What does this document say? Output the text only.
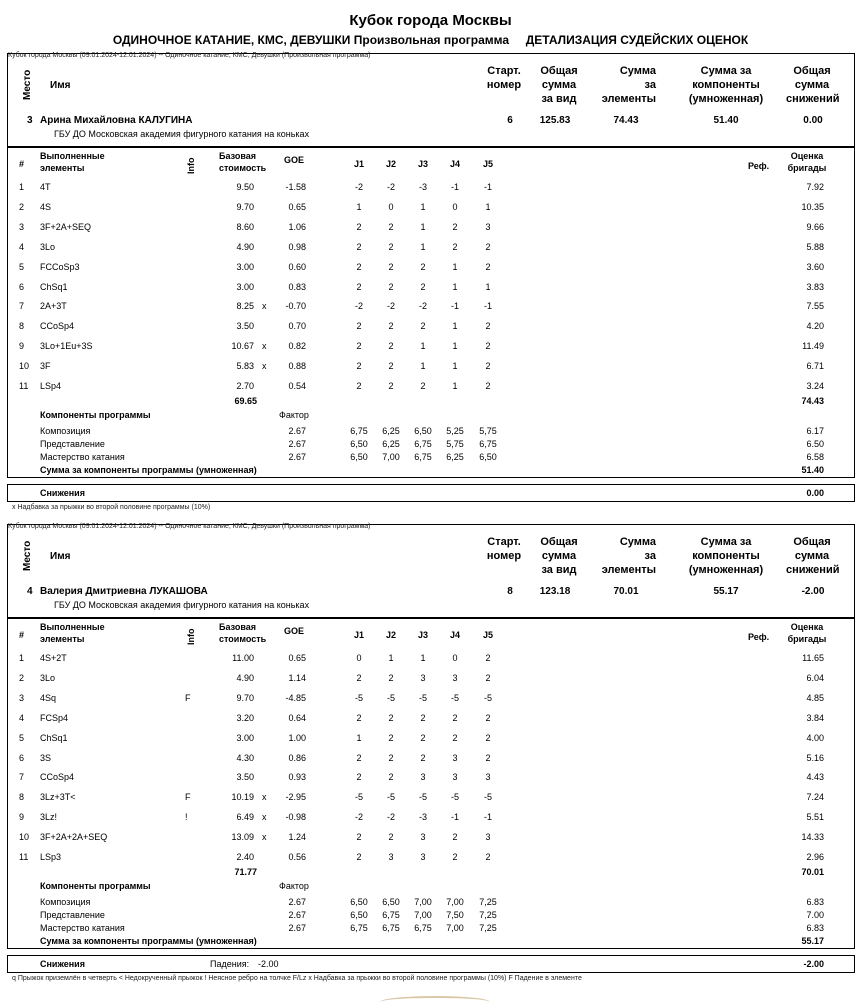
Кубок города Москвы
ОДИНОЧНОЕ КАТАНИЕ, КМС, ДЕВУШКИ Произвольная программа     ДЕТАЛИЗАЦИЯ СУДЕЙСКИХ ОЦЕНОК
Кубок города Москвы (09.01.2024-12.01.2024) -- Одиночное катание, КМС, Девушки (Произвольная программа)
Место Имя
Старт.
номер
Общая
сумма
за вид
Сумма
за
элементы
Сумма за
компоненты
(умноженная)
Общая
сумма
снижений
3 Арина Михайловна КАЛУГИНА
ГБУ ДО Московская академия фигурного катания на коньках
6	125.83	74.43	51.40	0.00
#
Выполненные
элементы	Info
Базовая
стоимость
GOE	J1	J2	J3	J4	J5	Реф.
Оценка
бригады
1 4T	9.50	-1.58	-2	-2	-3	-1	-1	7.92
2 4S	9.70	0.65	1	0	1	0	1	10.35
3 3F+2A+SEQ	8.60	1.06	2	2	1	2	3	9.66
4 3Lo	4.90	0.98	2	2	1	2	2	5.88
5 FCCoSp3	3.00	0.60	2	2	2	1	2	3.60
6 ChSq1	3.00	0.83	2	2	2	1	1	3.83
7 2A+3T	8.25 x	-0.70	-2	-2	-2	-1	-1	7.55
8 CCoSp4	3.50	0.70	2	2	2	1	2	4.20
9 3Lo+1Eu+3S	10.67 x	0.82	2	2	1	1	2	11.49
10 3F	5.83 x	0.88	2	2	1	1	2	6.71
11 LSp4	2.70	0.54	2	2	2	1	2	3.24
69.65	74.43
Компоненты программы	Фактор
Композиция	2.67	6,75	6,25	6,50	5,25	5,75	6.17
Представление	2.67	6,50	6,25	6,75	5,75	6,75	6.50
Мастерство катания	2.67	6,50	7,00	6,75	6,25	6,50	6.58
Сумма за компоненты программы (умноженная)	51.40
Снижения	0.00
Кубок города Москвы (09.01.2024-12.01.2024) -- Одиночное катание, КМС, Девушки (Произвольная программа)
Место Имя
Старт.
номер
Общая
сумма
за вид
Сумма
за
элементы
Сумма за
компоненты
(умноженная)
Общая
сумма
снижений
4 Валерия Дмитриевна ЛУКАШОВА
ГБУ ДО Московская академия фигурного катания на коньках
8	123.18	70.01	55.17	-2.00
#
Выполненные
элементы	Info
Базовая
стоимость
GOE	J1	J2	J3	J4	J5	Реф.
Оценка
бригады
1 4S+2T	11.00	0.65	0	1	1	0	2	11.65
2 3Lo	4.90	1.14	2	2	3	3	2	6.04
3 4Sq	F	9.70	-4.85	-5	-5	-5	-5	-5	4.85
4 FCSp4	3.20	0.64	2	2	2	2	2	3.84
5 ChSq1	3.00	1.00	1	2	2	2	2	4.00
6 3S	4.30	0.86	2	2	2	3	2	5.16
7 CCoSp4	3.50	0.93	2	2	3	3	3	4.43
8 3Lz+3T<	F	10.19 x	-2.95	-5	-5	-5	-5	-5	7.24
9 3Lz!	!	6.49 x	-0.98	-2	-2	-3	-1	-1	5.51
10 3F+2A+2A+SEQ	13.09 x	1.24	2	2	3	2	3	14.33
11 LSp3	2.40	0.56	2	3	3	2	2	2.96
71.77	70.01
Компоненты программы	Фактор
Композиция	2.67	6,50	6,50	7,00	7,00	7,25	6.83
Представление	2.67	6,50	6,75	7,00	7,50	7,25	7.00
Мастерство катания	2.67	6,75	6,75	6,75	7,00	7,25	6.83
Сумма за компоненты программы (умноженная)	55.17
Снижения	Падения: -2.00	-2.00
x Надбавка за прыжки во второй половине программы (10%)
q Прыжок приземлён в четверть < Недокрученный прыжок ! Неясное ребро на толчке F/Lz x Надбавка за прыжки во второй половине программы (10%) F Падение в элементе
